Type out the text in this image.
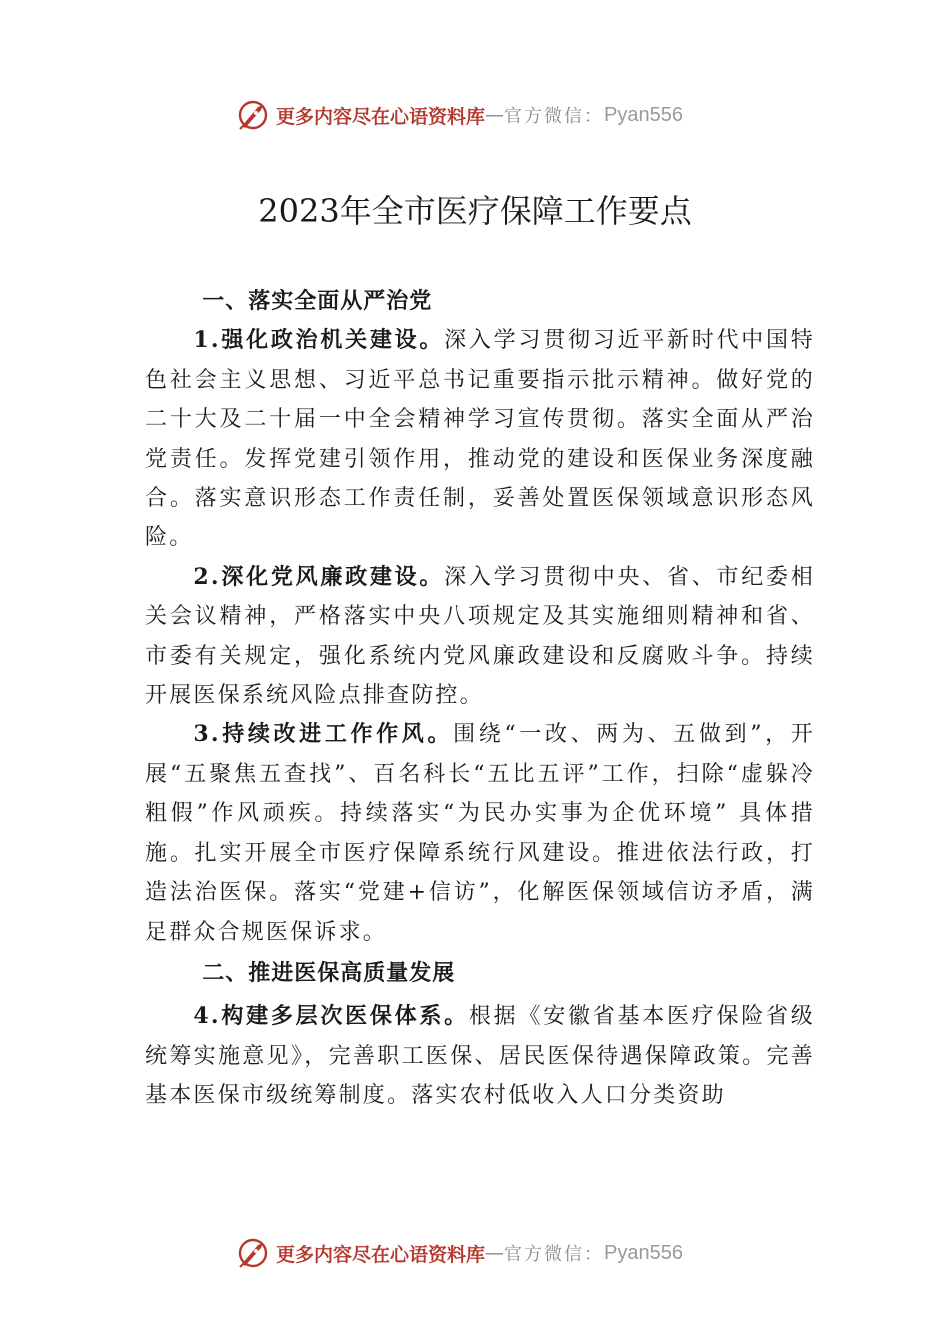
更多内容尽在心语资料库 — 官方微信： Pyan556
2023年全市医疗保障工作要点

一、落实全面从严治党

1.强化政治机关建设。深入学习贯彻习近平新时代中国特色社会主义思想、习近平总书记重要指示批示精神。做好党的二十大及二十届一中全会精神学习宣传贯彻。落实全面从严治党责任。发挥党建引领作用，推动党的建设和医保业务深度融合。落实意识形态工作责任制，妥善处置医保领域意识形态风险。

2.深化党风廉政建设。深入学习贯彻中央、省、市纪委相关会议精神，严格落实中央八项规定及其实施细则精神和省、市委有关规定，强化系统内党风廉政建设和反腐败斗争。持续开展医保系统风险点排查防控。

3.持续改进工作作风。围绕“一改、两为、五做到”，开展“五聚焦五查找”、百名科长“五比五评”工作，扫除“虚躲冷粗假”作风顽疾。持续落实“为民办实事为企优环境” 具体措施。扎实开展全市医疗保障系统行风建设。推进依法行政，打造法治医保。落实“党建+信访”，化解医保领域信访矛盾，满足群众合规医保诉求。

二、推进医保高质量发展

4.构建多层次医保体系。根据《安徽省基本医疗保险省级统筹实施意见》，完善职工医保、居民医保待遇保障政策。完善基本医保市级统筹制度。落实农村低收入人口分类资助

更多内容尽在心语资料库 — 官方微信： Pyan556
